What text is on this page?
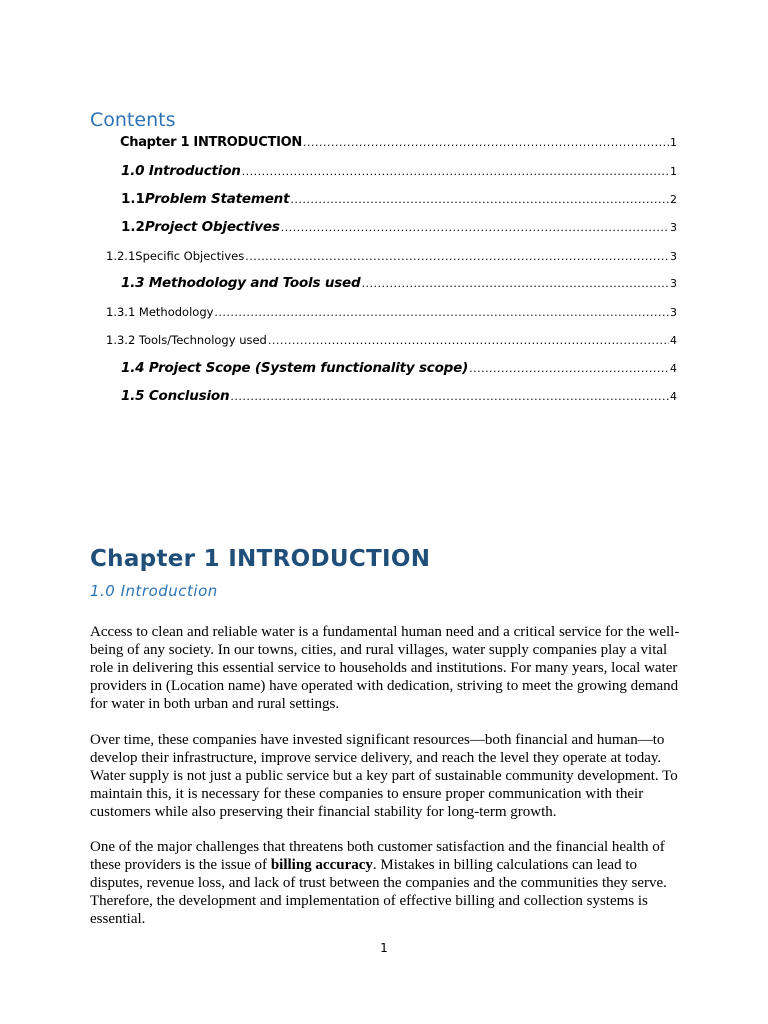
Contents
Chapter 1 INTRODUCTION .....	1
1.0 Introduction .....	1
1.1 Problem Statement .....	2
1.2 Project Objectives .....	3
1.2.1 Specific Objectives .....	3
1.3 Methodology and Tools used .....	3
1.3.1 Methodology .....	3
1.3.2 Tools/Technology used .....	4
1.4 Project Scope (System functionality scope) .....	4
1.5 Conclusion .....	4
Chapter 1 INTRODUCTION
1.0 Introduction

Access to clean and reliable water is a fundamental human need and a critical service for the well-being of any society. In our towns, cities, and rural villages, water supply companies play a vital role in delivering this essential service to households and institutions. For many years, local water providers in (Location name) have operated with dedication, striving to meet the growing demand for water in both urban and rural settings.

Over time, these companies have invested significant resources—both financial and human—to develop their infrastructure, improve service delivery, and reach the level they operate at today. Water supply is not just a public service but a key part of sustainable community development. To maintain this, it is necessary for these companies to ensure proper communication with their customers while also preserving their financial stability for long-term growth.

One of the major challenges that threatens both customer satisfaction and the financial health of these providers is the issue of billing accuracy. Mistakes in billing calculations can lead to disputes, revenue loss, and lack of trust between the companies and the communities they serve. Therefore, the development and implementation of effective billing and collection systems is essential.

1
